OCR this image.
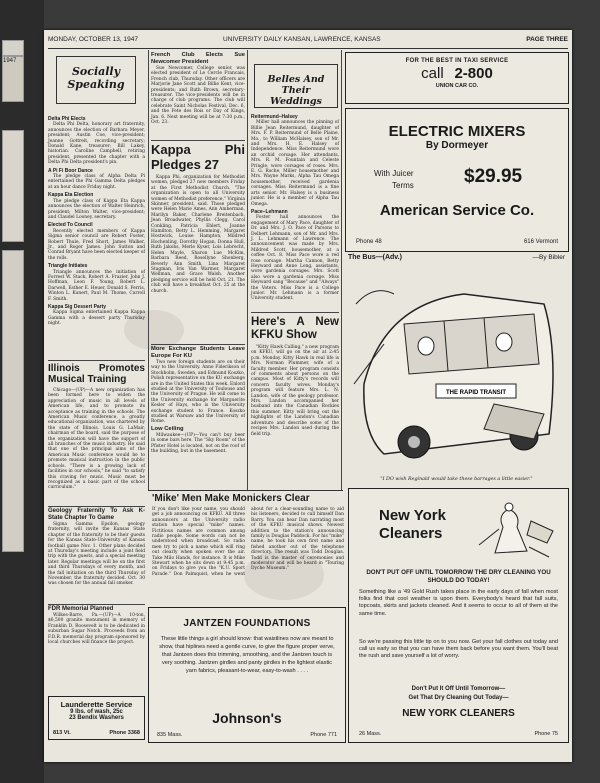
1947
MONDAY, OCTOBER 13, 1947	UNIVERSITY DAILY KANSAN, LAWRENCE, KANSAS	PAGE THREE
Socially Speaking
Delta Phi Elects

Delta Phi Delta, honorary art fraternity, announces the election of Barbara Meyer, president; Austin Coe, vice-president; Jeanne Gottreit, recording secretary; Donald Kane, treasurer; Bill Lakey, historian. Caroline Campbell, retiring president, presented the chapter with a Delta Phi Delta president's pin.

A Pi Fi Boor Dance

The pledge class of Alpha Delta Pi entertained the Phi Gamma Delta pledges at an hour dance Friday night.

Kappa Eta Election

The pledge class of Kappa Eta Kappa announces the election of Walter Heinrich, president; Milton Walter, vice-president; and Claudel Looney, secretary.

Elected To Council

Recently elected members of Kappa Sigma senior council are Robert Foster, Robert Thule, Fred Short, James Walker, Jr., and Roger James. John Sutton and Conrad Bryant have been elected keeper of the rolls.

Triangle Initiates

Triangle announces the initiation of Forrest W. Stack, Robert A. Frazier, John J. Hoffman, Leon F. Young, Robert L. Darwell, Esther E. Heuer, Donald S. Ferris, Winton L. Kunert, Paul M. Thome, Carroll F. Smith.

Kappa Sig Dessert Party

Kappa Sigma entertained Kappa Kappa Gamma with a dessert party Thursday night.

Illinois Promotes Musical Training

Chicago—(UP)—A new organization has been formed here to widen the appreciation of music in all levels of American life, and to promote its acceptance as training in the schools. The American Music conference, a greatly educational organization, was chartered by the state of Illinois. Louis G. LaMair, chairman of the board, said the purpose of the organization will have the support of all branches of the music industry. He said that one of the principal aims of the American Music conference would be to promote musical instruction in the public schools. "There is a growing lack of facilities in our schools," he said "to satisfy this craving for music. Music must be recognized as a basic part of the school curriculum."

Geology Fraternity To Ask K-State Chapter To Game

Sigma Gamma Epsilon, geology fraternity, will invite the Kansas State chapter of the fraternity to be their guests for the Kansas State-University of Kansas football game Nov. 1. Other plans decided at Thursday's meeting include a joint field trip with the guests, and a special meeting later. Regular meetings will be on the first and third Thursdays of every month, and the fall initiation on the third Thursday of November, the fraternity decided. Oct. 30 was chosen for the annual fall smoker.

FDR Memorial Planned

Wilkes-Barre, Pa.—(UP)—A 10-ton, $6,500 granite monument in memory of Franklin D. Roosevelt is to be dedicated in suburban Sugar Notch. Proceeds from an F.D.R. memorial day program sponsored by local churches will finance the project.

Launderette Service
9 lbs. of wash, 25c
23 Bendix Washers
813 Vt.	Phone 3368
French Club Elects Sue Newcomer President

Sue Newcomer, College senior, was elected president of Le Cercle Francais, French club, Thursday. Other officers are Marjorie Jane Scott and Billie Kent, vice-presidents; and Ruth Brown, secretary-treasurer. The vice-presidents will be in charge of club programs. The club will celebrate Saint Nicholas Festival, Dec. 6, and the Fete des Rois or Day of Kings, Jan. 6. Next meeting will be at 7:30 p.m., Oct. 23.

Kappa Phi Pledges 27

Kappa Phi, organization for Methodist women, pledged 27 new members Friday at the First Methodist Church. "The organization is open to all University women of Methodist preference," Virginia Skinner, president, said. Those pledged were Helen Marie Ames, Ann Amberman, Marilyn Baker, Charlene Breitenbach, Jean Broadwater, Phyllis Clegg, Carol Conkling, Patricia Ehlert, Joanne Hamilton, Betty L. Hemming, Margaret Hostwick, Louise Hampton, Mildred Hochenling, Dorothy Hogan, Donna Hull, Ruth Jakobs, Merle Kyser, Lois Lebrecht, Helen Mayle, Sharon Lue McKim, Barbara Reed, Rosellyne Shonberg, Beverly Ann Smith, Lina Margaret Stagman, Iris Van Warmer, Margaret Wellman, and Grace Walsh. Another pledging service will be held Oct. 21. The club will have a breakfast Oct. 25 at the church.

More Exchange Students Leave Europe For KU

Two new foreign students are on their way to the University. Anne Fiderikson of Stockholm, Sweden, and Edmund Koszko, Polish representative on the KU exchange are in the United States this week. Enlord studied at the University of Toulouse and the University of Prague. He will come to the University exchange for Marguerite Kesler of Hays, who is the University exchange student to France. Koszko studied at Warsaw and the University of Rome.

Low Ceiling

Milwaukee—(UP)—You can't buy beer in some bars here. The "Sky Room" of the Pfister Hotel is located, not on the roof of the building, but in the basement.

Belles And Their Weddings
Reitermund–Halsey

Miller hall announces the pinning of Billie Jean Reitermund, daughter of Mrs. F. P. Reitermund of Belle Plaine, Mo., to William McHalsey, son of Mr. and Mrs. H. E. Halsey of Independence. Miss Reitermund wore an orchid corsage. Her attendants, Mrs. R. M. Fountain and Celeste Pringle, wore corsages of roses. Mrs. E. G. Roche, Miller housemother and Mrs. Wayne Marks, Alpha Tau Omega housemother, received gardenia corsages. Miss Reitermund is a fine arts senior. Mr. Halsey is a business junior. He is a member of Alpha Tau Omega.

Pace–Lehmann

Foster hall announces the engagement of Mary Pace, daughter of Dr. and Mrs. J. O. Pace of Parsons to Delbert Lehmann, son of Mr. and Mrs. J. L. Lehmann of Lawrence. The announcement was made by Mrs. Mildred Scott, housemother, at a coffee Oct. 8. Miss Pace wore a red rose corsage. Martha Cannon, Betty Heyward and Anne Long, assistants, wore gardenia corsages. Mrs. Scott also wore a gardenia corsage. Miss Heyward sang "Because" and "Always" the Voters. Miss Pace is a College junior. Mr. Lehmann is a former University student.

Here's A New KFKU Show

"Kitty Hawk Calling," a new program on KFKU, will go on the air at 2:45 p.m. Monday. Kitty Hawk in real life is Mrs. Norman Plummer, wife of a faculty member. Her program consists of comments about persons on the campus. Most of Kitty's records will concern faculty wives. Monday's program will feature Mrs. L. N. Landon, wife of the geology professor. Mrs. Landon accompanied her husband into the Canadian Rockies this summer. Kitty will bring out the highlights of the Landon's Canadian adventure and describe some of the recipes Mrs. Landon used during the field trip.

FOR THE BEST IN TAXI SERVICE
call 2-800
UNION CAR CO.
ELECTRIC MIXERS
By Dormeyer
With Juicer
Terms	$29.95
American Service Co.
Phone 48	616 Vermont
The Bus—(Adv.)	—By Bibler
THE RAPID TRANSIT
"I DO wish Reginald would take these barrages a little easier."
'Mike' Men Make Monickers Clear
If you don't like your name, you should get a job announcing on KFKU. All three announcers at the University radio station have special "mike" names. Fictitious names are common among radio people. Some words can not be understood when broadcast. So radio men try to pick a name which will ring out clearly when spoken over the air. Take Milo Hands, for instance. It is Mike Stewart when he sits down at 9:45 p.m. on Fridays to give you the "K.U. Sport Parade." Don Palmquist, when he went about for a clear-sounding name to aid his listeners, decided to call himself Dan Barry. You can hear Dan narrating most of the KFKU musical shows. Newest addition to the station's announcing family is Douglas Paddock. For his "mike" name, he took his own first name and fished another out of the telephone directory. The result was Todd Douglas. Todd is the master of ceremonies and moderator and will be heard in "Touring Dyche Museum."
JANTZEN FOUNDATIONS
These little things a girl should know: that waistlines now are meant to show, that hiplines need a gentle curve, to give the figure proper verve, that Jantzen does this trimming, smoothing, and the Jantzen touch is very soothing. Jantzen girdles and panty girdles in the lightest elastic yarn fabrics, pleasant-to-wear, easy-to-wash . . . .
Johnson's
835 Mass.	Phone 771
New York Cleaners
DON'T PUT OFF UNTIL TOMORROW THE DRY CLEANING YOU SHOULD DO TODAY!
Something like a '49 Gold Rush takes place in the early days of fall when most folks find that cool weather is upon them. Everybody's heard that fall suits, topcoats, skirts and jackets cleaned. And it seems to occur to all of them at the same time.
So we're passing this little tip on to you now. Get your fall clothes out today and call us early so that you can have them back before you want them. You'll beat the rush and save yourself a lot of worry.
Don't Put It Off Until Tomorrow—
Get That Dry Cleaning Out Today—
NEW YORK CLEANERS
26 Mass.	Phone 75
